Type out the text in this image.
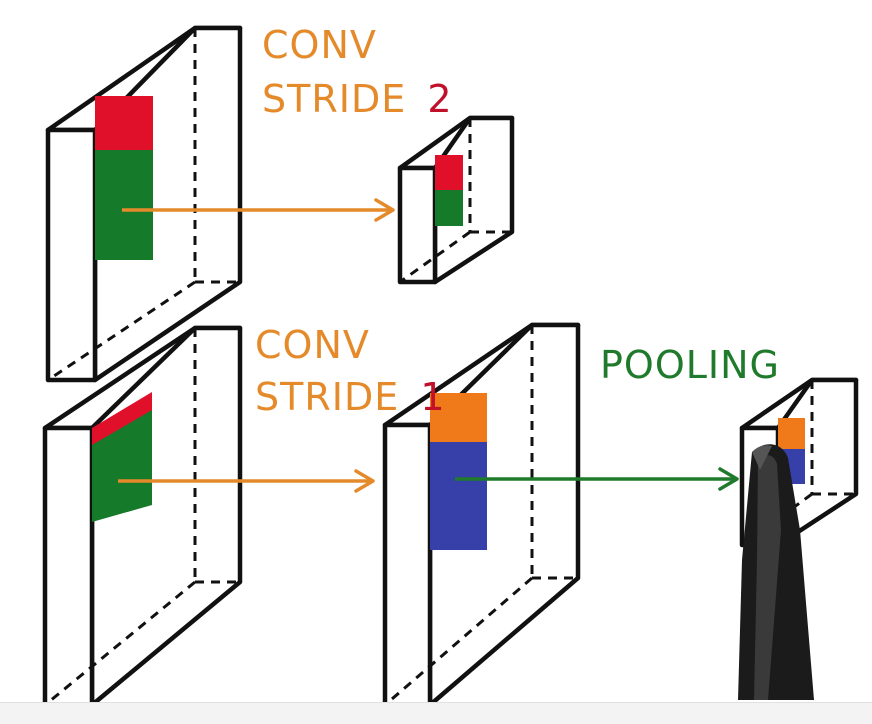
CONV
STRIDE 2
CONV
STRIDE 1
POOLING
